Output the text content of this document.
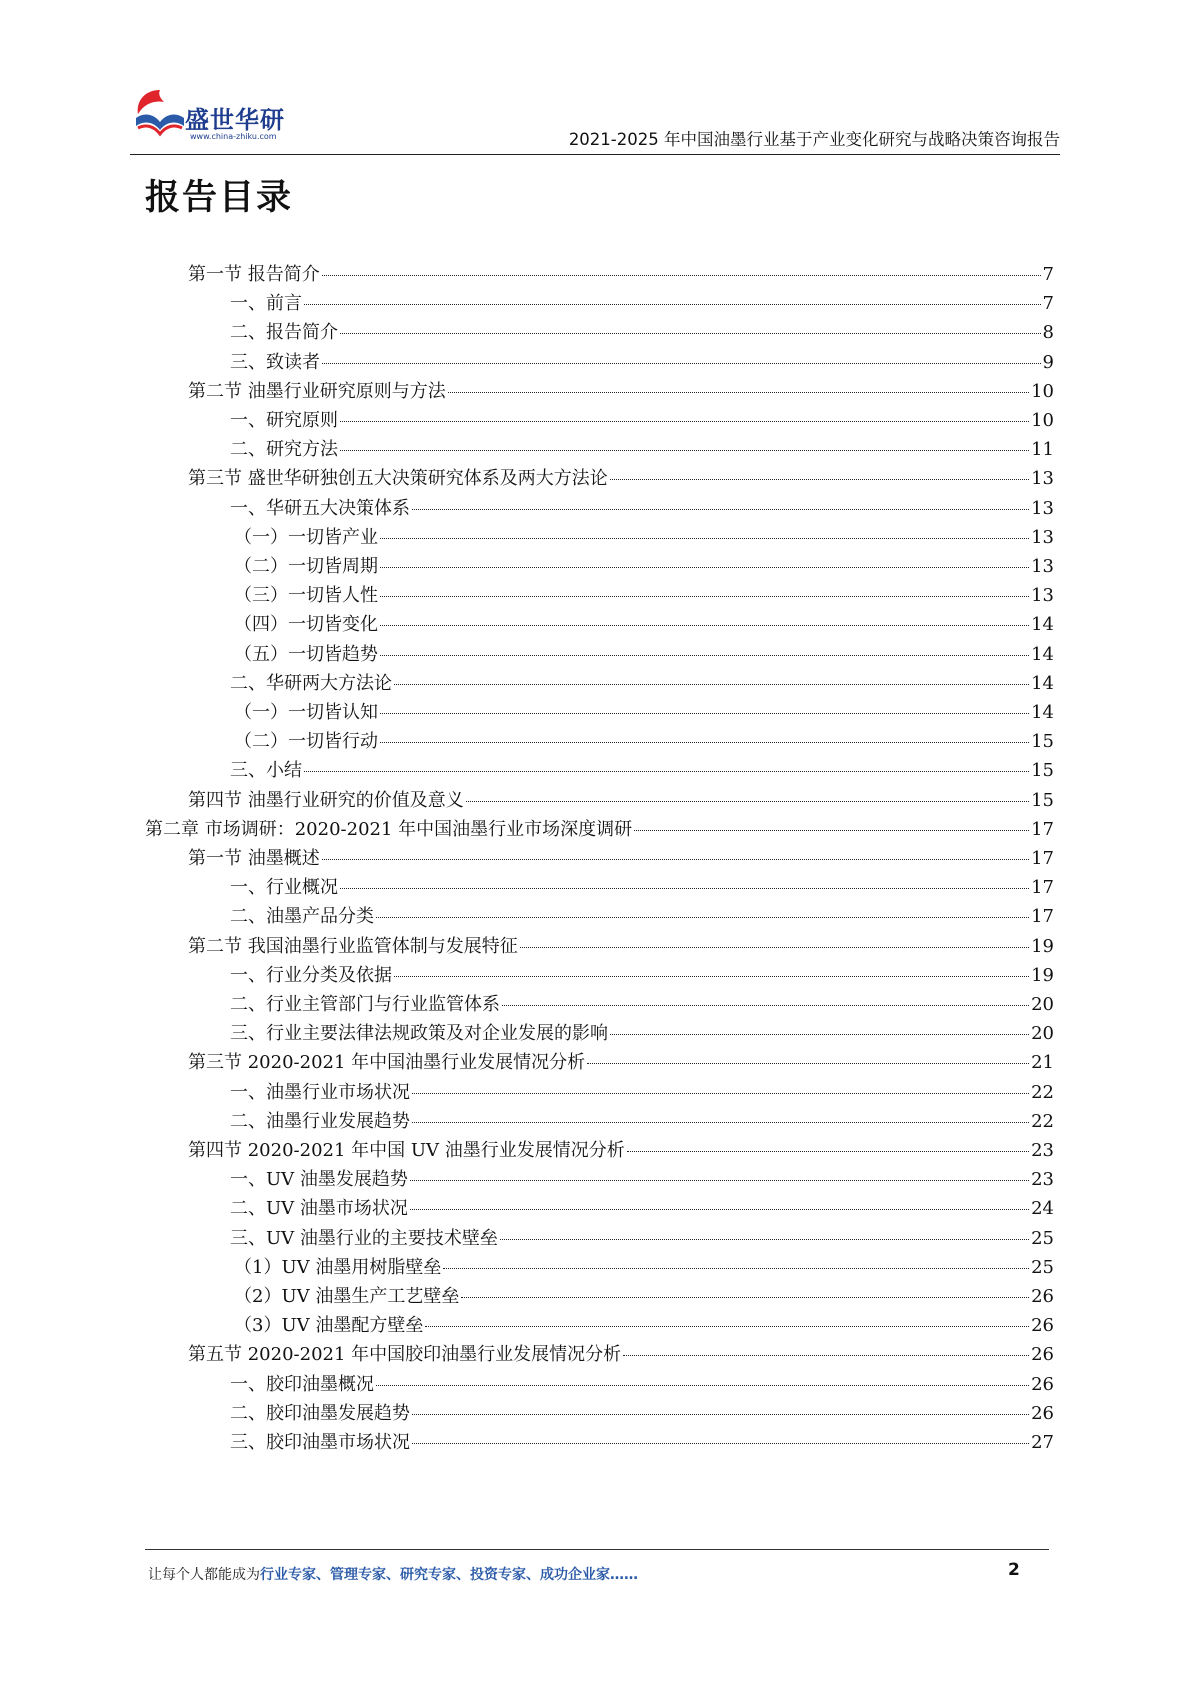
盛世华研
www.china-zhiku.com	2021-2025 年中国油墨行业基于产业变化研究与战略决策咨询报告
报告目录
第一节 报告简介	7
一、前言	7
二、报告简介	8
三、致读者	9
第二节 油墨行业研究原则与方法	10
一、研究原则	10
二、研究方法	11
第三节 盛世华研独创五大决策研究体系及两大方法论	13
一、华研五大决策体系	13
（一）一切皆产业	13
（二）一切皆周期	13
（三）一切皆人性	13
（四）一切皆变化	14
（五）一切皆趋势	14
二、华研两大方法论	14
（一）一切皆认知	14
（二）一切皆行动	15
三、小结	15
第四节 油墨行业研究的价值及意义	15
第二章 市场调研：2020-2021 年中国油墨行业市场深度调研	17
第一节 油墨概述	17
一、行业概况	17
二、油墨产品分类	17
第二节 我国油墨行业监管体制与发展特征	19
一、行业分类及依据	19
二、行业主管部门与行业监管体系	20
三、行业主要法律法规政策及对企业发展的影响	20
第三节 2020-2021 年中国油墨行业发展情况分析	21
一、油墨行业市场状况	22
二、油墨行业发展趋势	22
第四节 2020-2021 年中国 UV 油墨行业发展情况分析	23
一、UV 油墨发展趋势	23
二、UV 油墨市场状况	24
三、UV 油墨行业的主要技术壁垒	25
（1）UV 油墨用树脂壁垒	25
（2）UV 油墨生产工艺壁垒	26
（3）UV 油墨配方壁垒	26
第五节 2020-2021 年中国胶印油墨行业发展情况分析	26
一、胶印油墨概况	26
二、胶印油墨发展趋势	26
三、胶印油墨市场状况	27
让每个人都能成为行业专家、管理专家、研究专家、投资专家、成功企业家……	2
